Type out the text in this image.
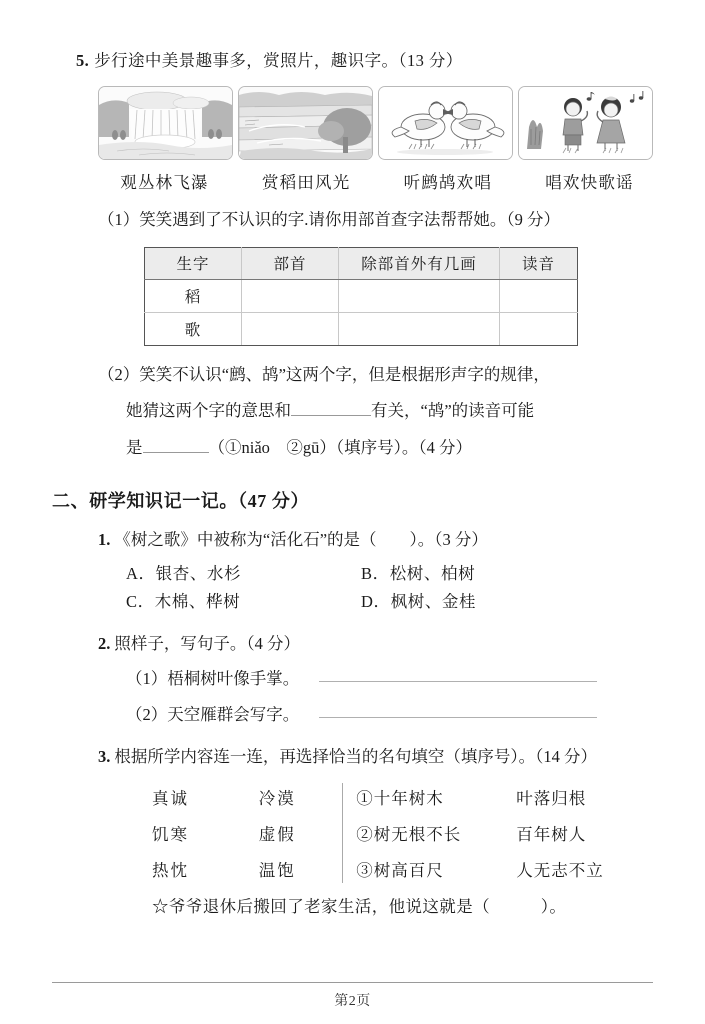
5. 步行途中美景趣事多，赏照片，趣识字。（13 分）
观丛林飞瀑	赏稻田风光	听鹧鸪欢唱	唱欢快歌谣
（1）笑笑遇到了不认识的字.请你用部首查字法帮帮她。（9 分）
生字	部首	除部首外有几画	读音
稻			
歌			
（2）笑笑不认识“鹧、鸪”这两个字，但是根据形声字的规律，
她猜这两个字的意思和	有关，“鸪”的读音可能
是	（①niǎo　②gū）（填序号）。（4 分）
二、研学知识记一记。（47 分）
1. 《树之歌》中被称为“活化石”的是（　　）。（3 分）
A．银杏、水杉	B．松树、柏树
C．木棉、桦树	D．枫树、金桂
2. 照样子，写句子。（4 分）
（1）梧桐树叶像手掌。
（2）天空雁群会写字。
3. 根据所学内容连一连，再选择恰当的名句填空（填序号）。（14 分）
真诚	冷漠	①十年树木	叶落归根
饥寒	虚假	②树无根不长	百年树人
热忱	温饱	③树高百尺	人无志不立
☆爷爷退休后搬回了老家生活，他说这就是（　　　）。
第2页
